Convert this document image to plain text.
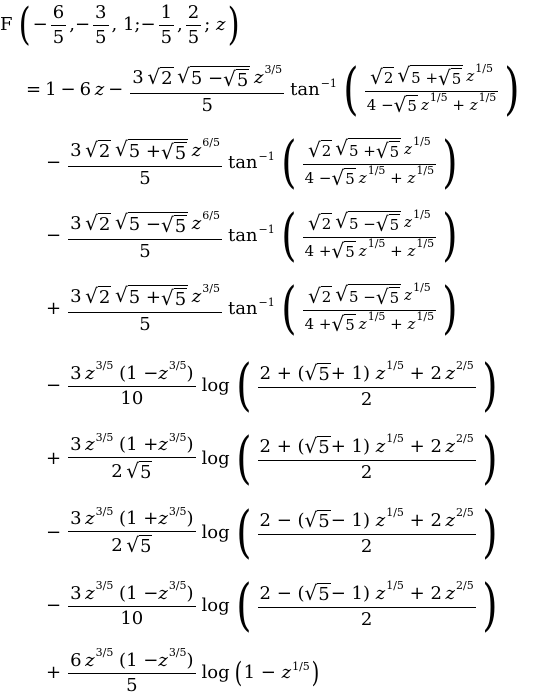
F ( − $\frac{6}{5}$ , − $\frac{3}{5}$ , 1; − $\frac{1}{5}$ , $\frac{2}{5}$ ; z )
= 1 − 6 z − 3  √ 2
  √ 5 − √ 5
  z 3/5
5 $\tan^{-1}$ ( √ 2
  √ 5 + √ 5
  z 1/5
4 − √ 5
  z 1/5 + z 1/5 )
− 3  √ 2
  √ 5 + √ 5
  z 6/5
5 $\tan^{-1}$ ( √ 2
  √ 5 + √ 5
  z 1/5
4 − √ 5
  z 1/5 + z 1/5 )
− 3  √ 2
  √ 5 − √ 5
  z 6/5
5 $\tan^{-1}$ ( √ 2
  √ 5 − √ 5
  z 1/5
4 + √ 5
  z 1/5 + z 1/5 )
+ 3  √ 2
  √ 5 + √ 5
  z 3/5
5 $\tan^{-1}$ ( √ 2
  √ 5 − √ 5
  z 1/5
4 + √ 5
  z 1/5 + z 1/5 )
− 3  z 3/5
( 1 − z 3/5 )
10 log ( $\frac{2 + ( √ 5 + 1) z 1/5 + 2 z 2/5}{2}$ )
+ $\frac{3 z 3/5 (1 + z 3/5 )}{2 √ 5}$ log ( $\frac{2 + ( √ 5 + 1) z 1/5 + 2 z 2/5}{2}$ )
− $\frac{3 z 3/5 (1 + z 3/5 )}{2 √ 5}$ log ( $\frac{2 - ( √ 5 - 1) z 1/5 + 2 z 2/5}{2}$ )
− $\frac{3 z 3/5 (1 - z 3/5 )}{10}$ log ( $\frac{2 - ( √ 5 - 1) z 1/5 + 2 z 2/5}{2}$ )
+ $\frac{6 z 3/5 (1 - z 3/5 )}{5}$ log ( $1 - z^{1/5}$ )
